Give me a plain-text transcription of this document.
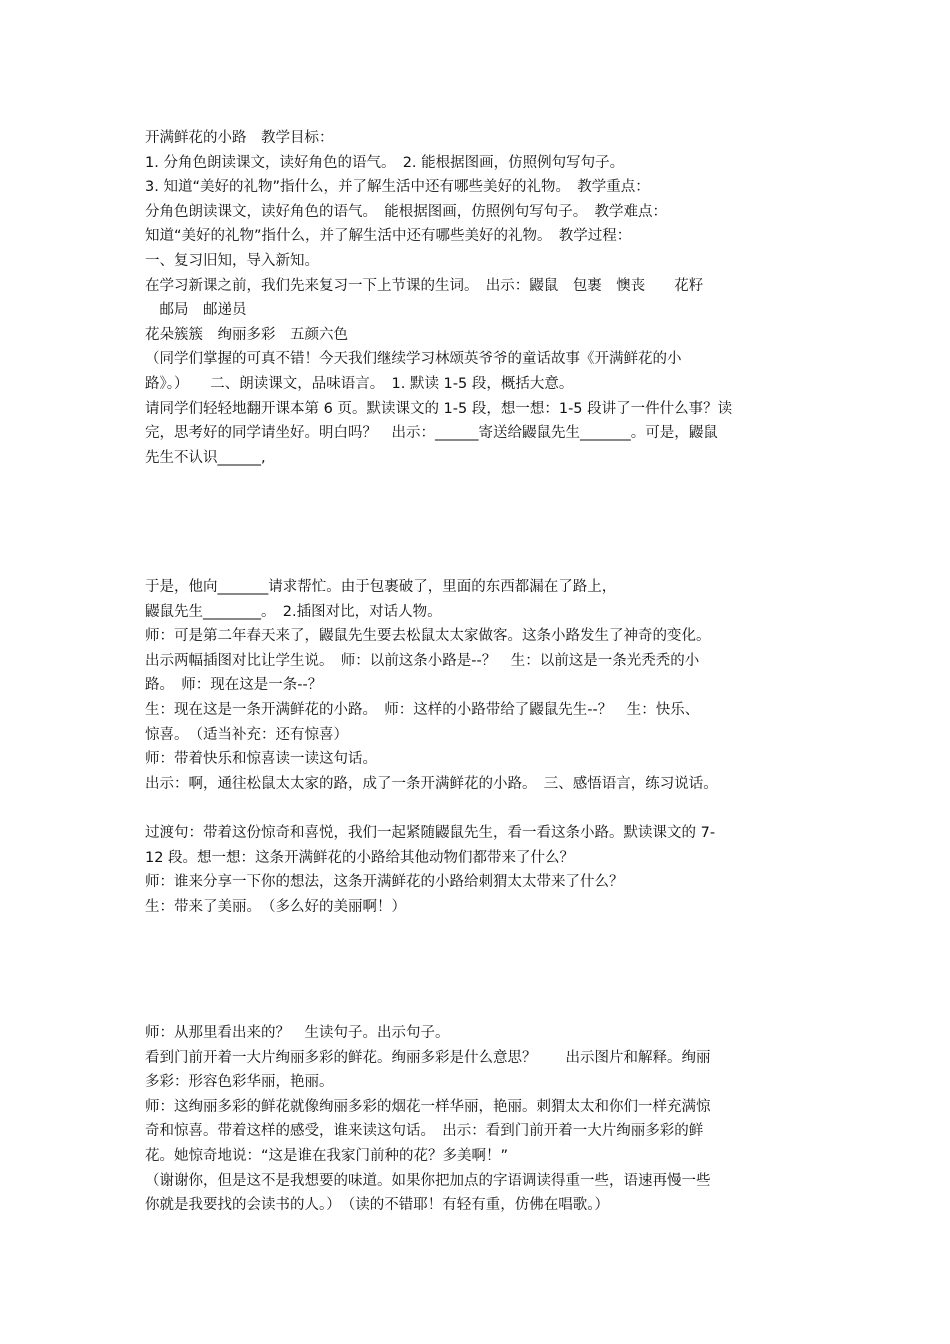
开满鲜花的小路　教学目标：

1. 分角色朗读课文，读好角色的语气。　2. 能根据图画，仿照例句写句子。

3. 知道“美好的礼物”指什么，并了解生活中还有哪些美好的礼物。　教学重点：

分角色朗读课文，读好角色的语气。　能根据图画，仿照例句写句子。　教学难点：

知道“美好的礼物”指什么，并了解生活中还有哪些美好的礼物。　教学过程：

一、复习旧知，导入新知。

在学习新课之前，我们先来复习一下上节课的生词。　出示：鼹鼠　包裹　懊丧　　花籽

　邮局　邮递员

花朵簇簇　绚丽多彩　五颜六色

（同学们掌握的可真不错！今天我们继续学习林颂英爷爷的童话故事《开满鲜花的小

路》。）　　二、朗读课文，品味语言。　1. 默读 1-5 段，概括大意。

请同学们轻轻地翻开课本第 6 页。默读课文的 1-5 段，想一想：1-5 段讲了一件什么事？读

完，思考好的同学请坐好。明白吗？　出示：______寄送给鼹鼠先生_______。可是，鼹鼠

先生不认识______,

于是，他向_______请求帮忙。由于包裹破了，里面的东西都漏在了路上，

鼹鼠先生________。　2.插图对比，对话人物。

师：可是第二年春天来了，鼹鼠先生要去松鼠太太家做客。这条小路发生了神奇的变化。

出示两幅插图对比让学生说。　师：以前这条小路是--？　生：以前这是一条光秃秃的小

路。　师：现在这是一条--？

生：现在这是一条开满鲜花的小路。　师：这样的小路带给了鼹鼠先生--？　生：快乐、

惊喜。　（适当补充：还有惊喜）

师：带着快乐和惊喜读一读这句话。

出示：啊，通往松鼠太太家的路，成了一条开满鲜花的小路。　三、感悟语言，练习说话。

过渡句：带着这份惊奇和喜悦，我们一起紧随鼹鼠先生，看一看这条小路。默读课文的 7-

12 段。想一想：这条开满鲜花的小路给其他动物们都带来了什么？

师：谁来分享一下你的想法，这条开满鲜花的小路给刺猬太太带来了什么？

生：带来了美丽。　（多么好的美丽啊！）

师：从那里看出来的？　生读句子。出示句子。

看到门前开着一大片绚丽多彩的鲜花。绚丽多彩是什么意思？　　出示图片和解释。绚丽

多彩：形容色彩华丽，艳丽。

师：这绚丽多彩的鲜花就像绚丽多彩的烟花一样华丽，艳丽。刺猬太太和你们一样充满惊

奇和惊喜。带着这样的感受，谁来读这句话。　出示：看到门前开着一大片绚丽多彩的鲜

花。她惊奇地说：“这是谁在我家门前种的花？多美啊！”

（谢谢你，但是这不是我想要的味道。如果你把加点的字语调读得重一些，语速再慢一些

你就是我要找的会读书的人。）　（读的不错耶！有轻有重，仿佛在唱歌。）
